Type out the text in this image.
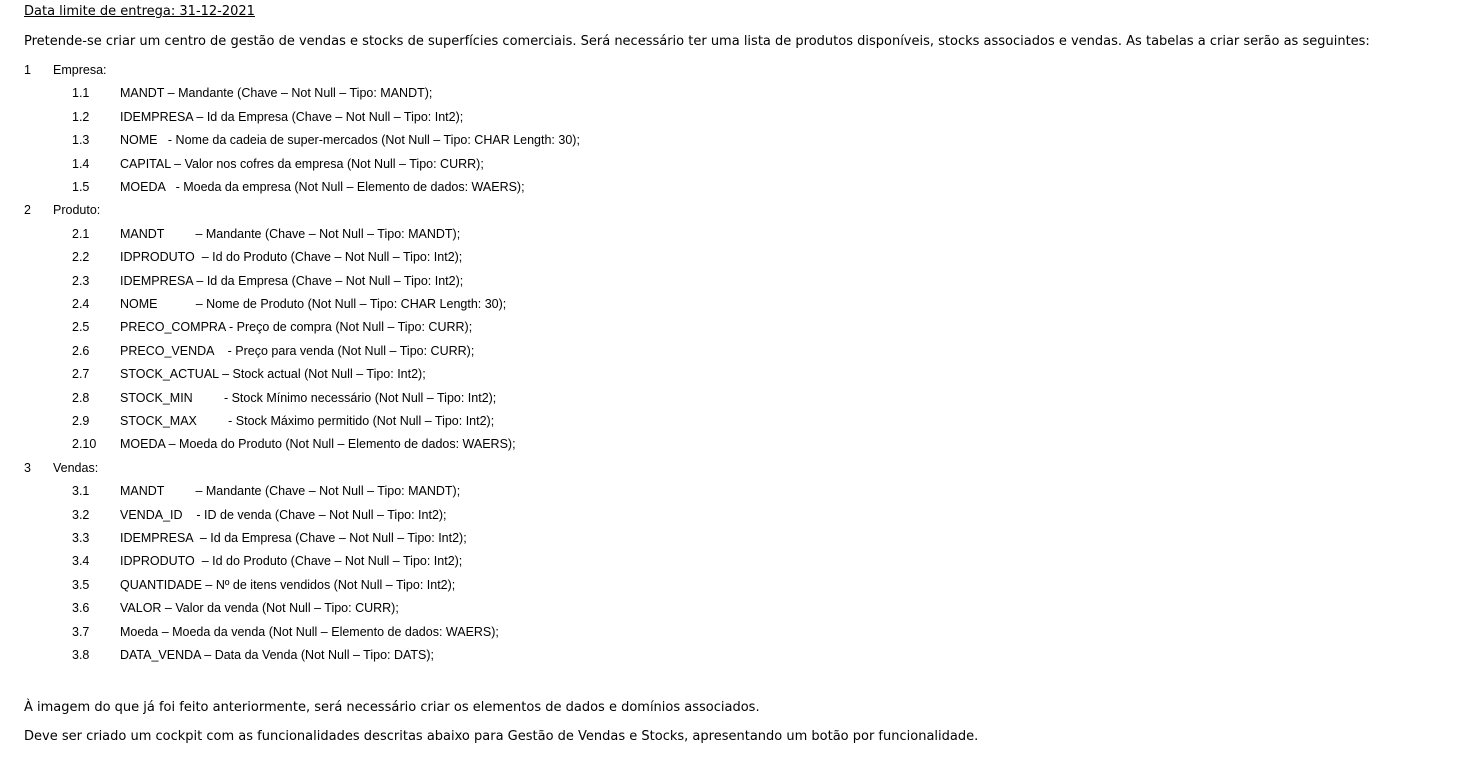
Data limite de entrega: 31-12-2021
Pretende-se criar um centro de gestão de vendas e stocks de superfícies comerciais. Será necessário ter uma lista de produtos disponíveis, stocks associados e vendas. As tabelas a criar serão as seguintes:
1 Empresa:
1.1 MANDT – Mandante (Chave – Not Null – Tipo: MANDT);
1.2 IDEMPRESA – Id da Empresa (Chave – Not Null – Tipo: Int2);
1.3 NOME   - Nome da cadeia de super-mercados (Not Null – Tipo: CHAR Length: 30);
1.4 CAPITAL – Valor nos cofres da empresa (Not Null – Tipo: CURR);
1.5 MOEDA   - Moeda da empresa (Not Null – Elemento de dados: WAERS);
2 Produto:
2.1 MANDT         – Mandante (Chave – Not Null – Tipo: MANDT);
2.2 IDPRODUTO  – Id do Produto (Chave – Not Null – Tipo: Int2);
2.3 IDEMPRESA – Id da Empresa (Chave – Not Null – Tipo: Int2);
2.4 NOME           – Nome de Produto (Not Null – Tipo: CHAR Length: 30);
2.5 PRECO_COMPRA - Preço de compra (Not Null – Tipo: CURR);
2.6 PRECO_VENDA    - Preço para venda (Not Null – Tipo: CURR);
2.7 STOCK_ACTUAL – Stock actual (Not Null – Tipo: Int2);
2.8 STOCK_MIN         - Stock Mínimo necessário (Not Null – Tipo: Int2);
2.9 STOCK_MAX         - Stock Máximo permitido (Not Null – Tipo: Int2);
2.10 MOEDA – Moeda do Produto (Not Null – Elemento de dados: WAERS);
3 Vendas:
3.1 MANDT         – Mandante (Chave – Not Null – Tipo: MANDT);
3.2 VENDA_ID    - ID de venda (Chave – Not Null – Tipo: Int2);
3.3 IDEMPRESA  – Id da Empresa (Chave – Not Null – Tipo: Int2);
3.4 IDPRODUTO  – Id do Produto (Chave – Not Null – Tipo: Int2);
3.5 QUANTIDADE – Nº de itens vendidos (Not Null – Tipo: Int2);
3.6 VALOR – Valor da venda (Not Null – Tipo: CURR);
3.7 Moeda – Moeda da venda (Not Null – Elemento de dados: WAERS);
3.8 DATA_VENDA – Data da Venda (Not Null – Tipo: DATS);
À imagem do que já foi feito anteriormente, será necessário criar os elementos de dados e domínios associados.
Deve ser criado um cockpit com as funcionalidades descritas abaixo para Gestão de Vendas e Stocks, apresentando um botão por funcionalidade.
